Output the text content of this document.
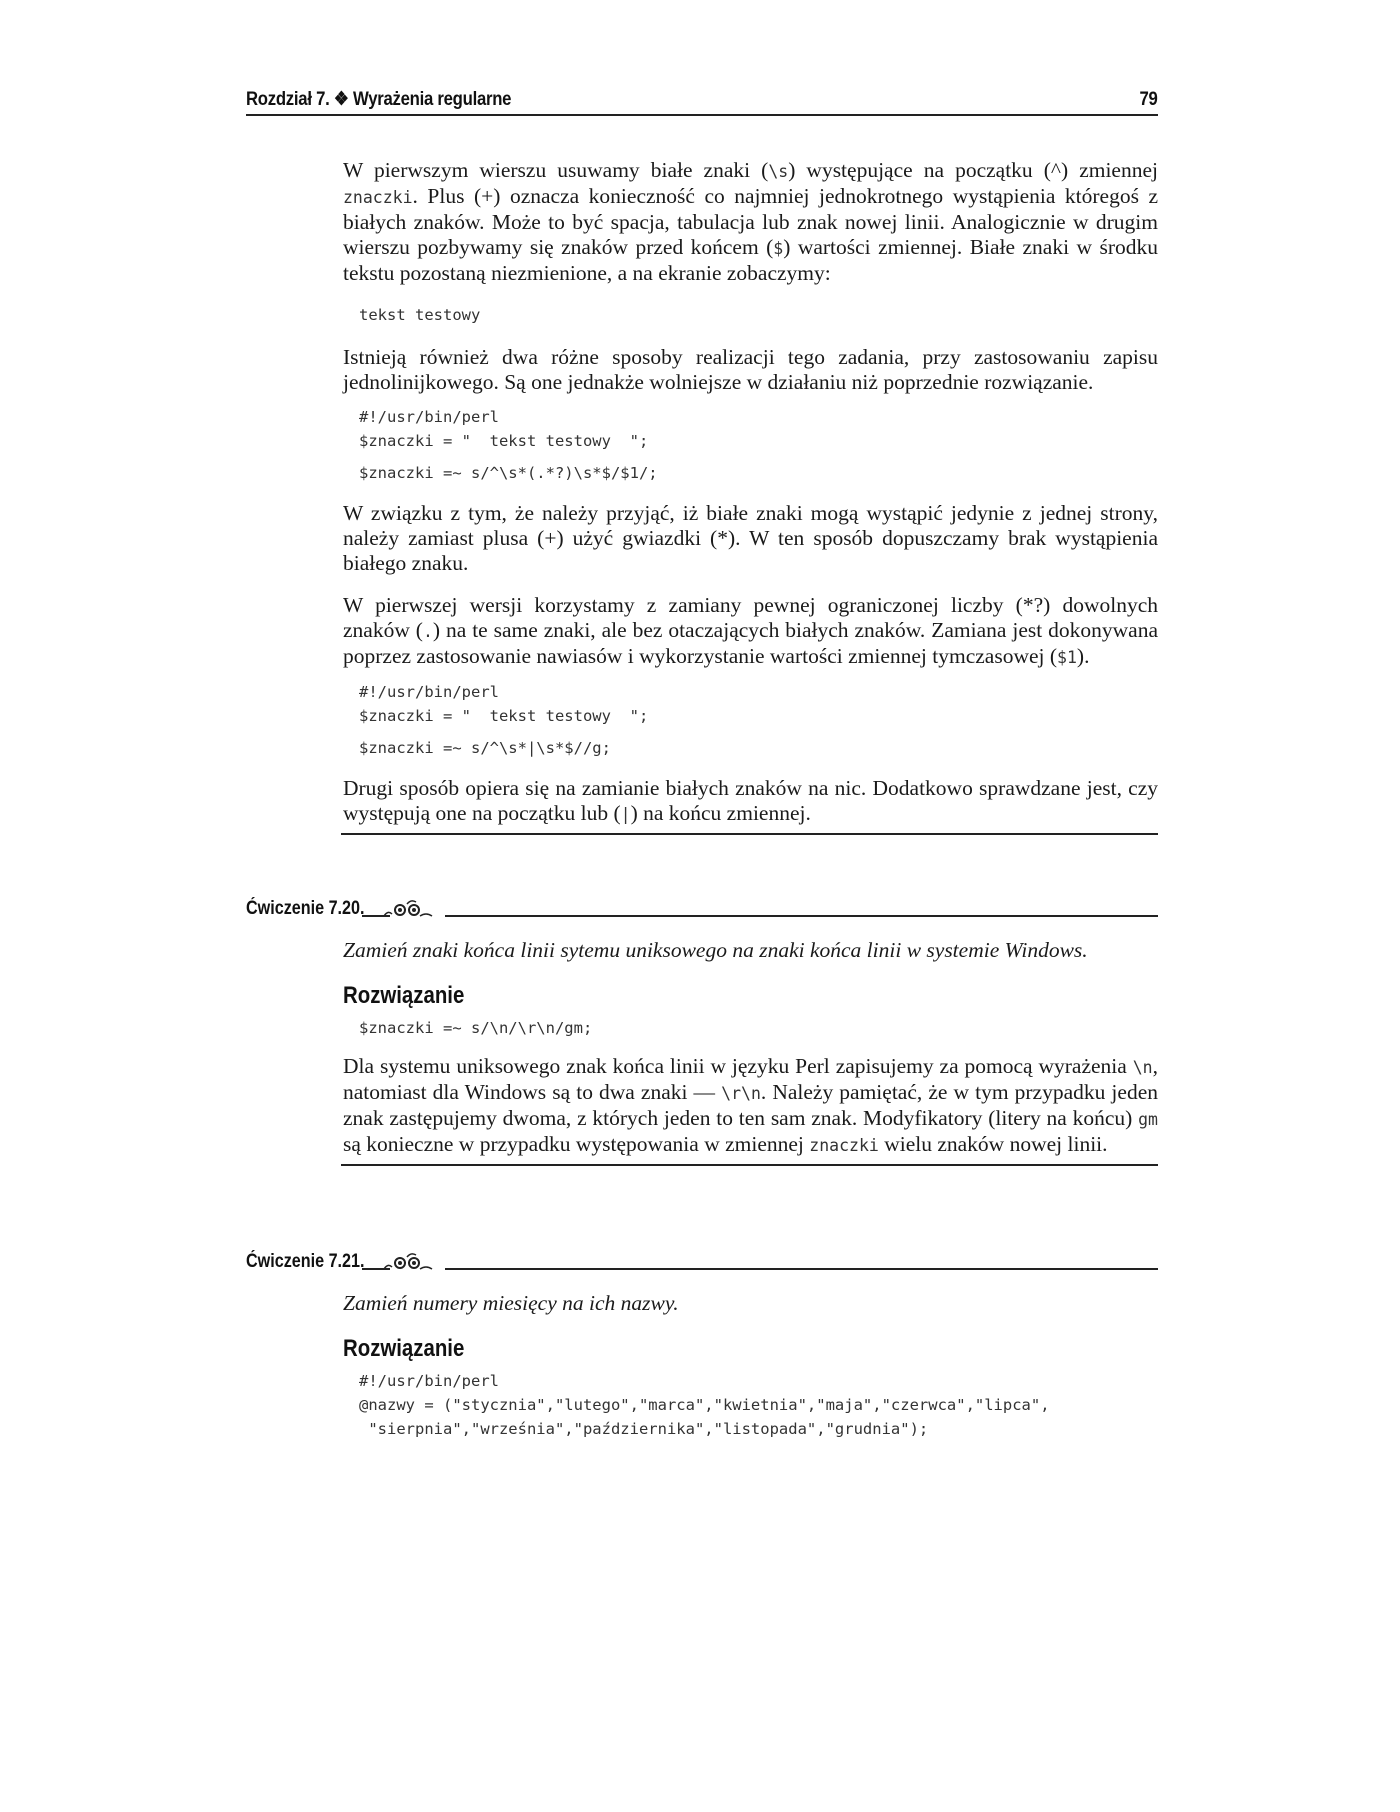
Rozdział 7. ❖ Wyrażenia regularne	79

W pierwszym wierszu usuwamy białe znaki (\s) występujące na początku (^) zmiennej znaczki. Plus (+) oznacza konieczność co najmniej jednokrotnego wystąpienia któregoś z białych znaków. Może to być spacja, tabulacja lub znak nowej linii. Analogicznie w drugim wierszu pozbywamy się znaków przed końcem ($) wartości zmiennej. Białe znaki w środku tekstu pozostaną niezmienione, a na ekranie zobaczymy:

tekst testowy

Istnieją również dwa różne sposoby realizacji tego zadania, przy zastosowaniu zapisu jednolinijkowego. Są one jednakże wolniejsze w działaniu niż poprzednie rozwiązanie.

#!/usr/bin/perl
$znaczki = "  tekst testowy  ";
$znaczki =~ s/^\s*(.*?)\s*$/$1/;

W związku z tym, że należy przyjąć, iż białe znaki mogą wystąpić jedynie z jednej strony, należy zamiast plusa (+) użyć gwiazdki (*). W ten sposób dopuszczamy brak wystąpienia białego znaku.

W pierwszej wersji korzystamy z zamiany pewnej ograniczonej liczby (*?) dowolnych znaków (.) na te same znaki, ale bez otaczających białych znaków. Zamiana jest dokonywana poprzez zastosowanie nawiasów i wykorzystanie wartości zmiennej tymczasowej ($1).

#!/usr/bin/perl
$znaczki = "  tekst testowy  ";
$znaczki =~ s/^\s*|\s*$//g;

Drugi sposób opiera się na zamianie białych znaków na nic. Dodatkowo sprawdzane jest, czy występują one na początku lub (|) na końcu zmiennej.

Ćwiczenie 7.20.

Zamień znaki końca linii sytemu uniksowego na znaki końca linii w systemie Windows.

Rozwiązanie
$znaczki =~ s/\n/\r\n/gm;

Dla systemu uniksowego znak końca linii w języku Perl zapisujemy za pomocą wyrażenia \n, natomiast dla Windows są to dwa znaki — \r\n. Należy pamiętać, że w tym przypadku jeden znak zastępujemy dwoma, z których jeden to ten sam znak. Modyfikatory (litery na końcu) gm są konieczne w przypadku występowania w zmiennej znaczki wielu znaków nowej linii.

Ćwiczenie 7.21.

Zamień numery miesięcy na ich nazwy.

Rozwiązanie
#!/usr/bin/perl
@nazwy = ("stycznia","lutego","marca","kwietnia","maja","czerwca","lipca",
"sierpnia","września","października","listopada","grudnia");
